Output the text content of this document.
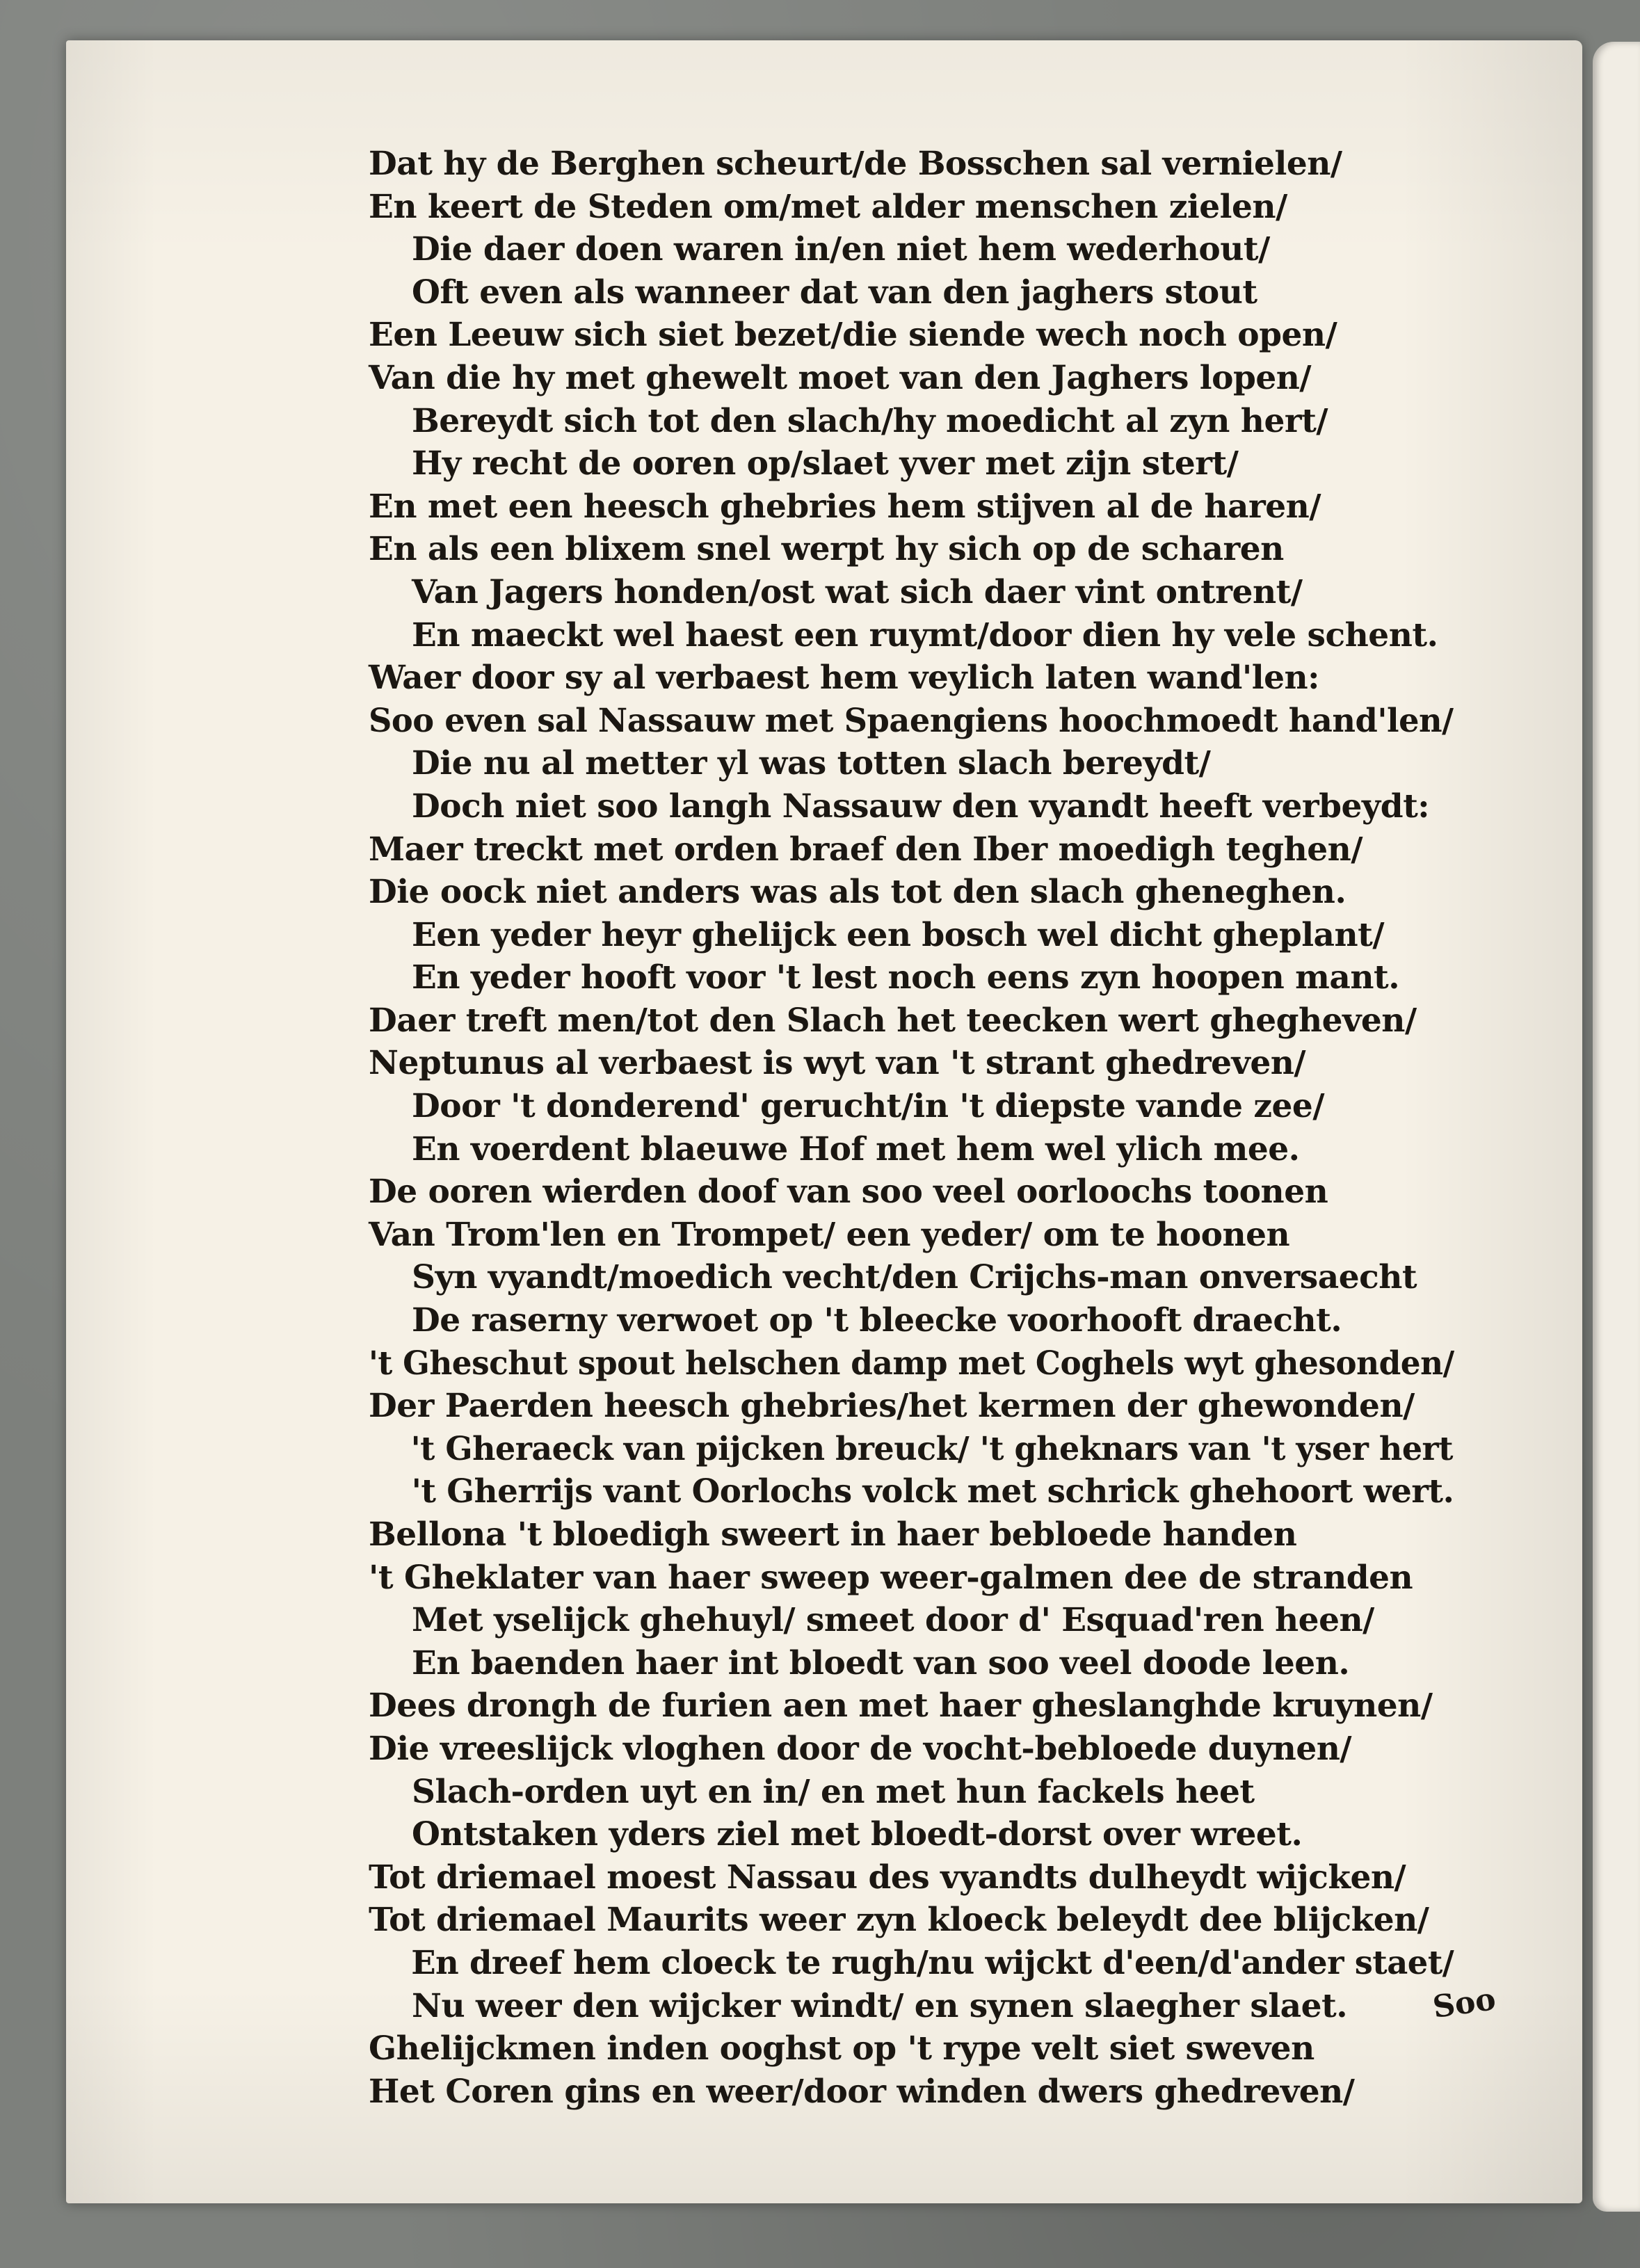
Dat hy de Berghen scheurt/de Bosschen sal vernielen/
En keert de Steden om/met alder menschen zielen/
Die daer doen waren in/en niet hem wederhout/
Oft even als wanneer dat van den jaghers stout
Een Leeuw sich siet bezet/die siende wech noch open/
Van die hy met ghewelt moet van den Jaghers lopen/
Bereydt sich tot den slach/hy moedicht al zyn hert/
Hy recht de ooren op/slaet yver met zijn stert/
En met een heesch ghebries hem stijven al de haren/
En als een blixem snel werpt hy sich op de scharen
Van Jagers honden/ost wat sich daer vint ontrent/
En maeckt wel haest een ruymt/door dien hy vele schent.
Waer door sy al verbaest hem veylich laten wand'len:
Soo even sal Nassauw met Spaengiens hoochmoedt hand'len/
Die nu al metter yl was totten slach bereydt/
Doch niet soo langh Nassauw den vyandt heeft verbeydt:
Maer treckt met orden braef den Iber moedigh teghen/
Die oock niet anders was als tot den slach gheneghen.
Een yeder heyr ghelijck een bosch wel dicht gheplant/
En yeder hooft voor 't lest noch eens zyn hoopen mant.
Daer treft men/tot den Slach het teecken wert ghegheven/
Neptunus al verbaest is wyt van 't strant ghedreven/
Door 't donderend' gerucht/in 't diepste vande zee/
En voerdent blaeuwe Hof met hem wel ylich mee.
De ooren wierden doof van soo veel oorloochs toonen
Van Trom'len en Trompet/ een yeder/ om te hoonen
Syn vyandt/moedich vecht/den Crijchs-man onversaecht
De raserny verwoet op 't bleecke voorhooft draecht.
't Gheschut spout helschen damp met Coghels wyt ghesonden/
Der Paerden heesch ghebries/het kermen der ghewonden/
't Gheraeck van pijcken breuck/ 't gheknars van 't yser hert
't Gherrijs vant Oorlochs volck met schrick ghehoort wert.
Bellona 't bloedigh sweert in haer bebloede handen
't Gheklater van haer sweep weer-galmen dee de stranden
Met yselijck ghehuyl/ smeet door d' Esquad'ren heen/
En baenden haer int bloedt van soo veel doode leen.
Dees drongh de furien aen met haer gheslanghde kruynen/
Die vreeslijck vloghen door de vocht-bebloede duynen/
Slach-orden uyt en in/ en met hun fackels heet
Ontstaken yders ziel met bloedt-dorst over wreet.
Tot driemael moest Nassau des vyandts dulheydt wijcken/
Tot driemael Maurits weer zyn kloeck beleydt dee blijcken/
En dreef hem cloeck te rugh/nu wijckt d'een/d'ander staet/
Nu weer den wijcker windt/ en synen slaegher slaet.
Ghelijckmen inden ooghst op 't rype velt siet sweven
Het Coren gins en weer/door winden dwers ghedreven/
Soo
